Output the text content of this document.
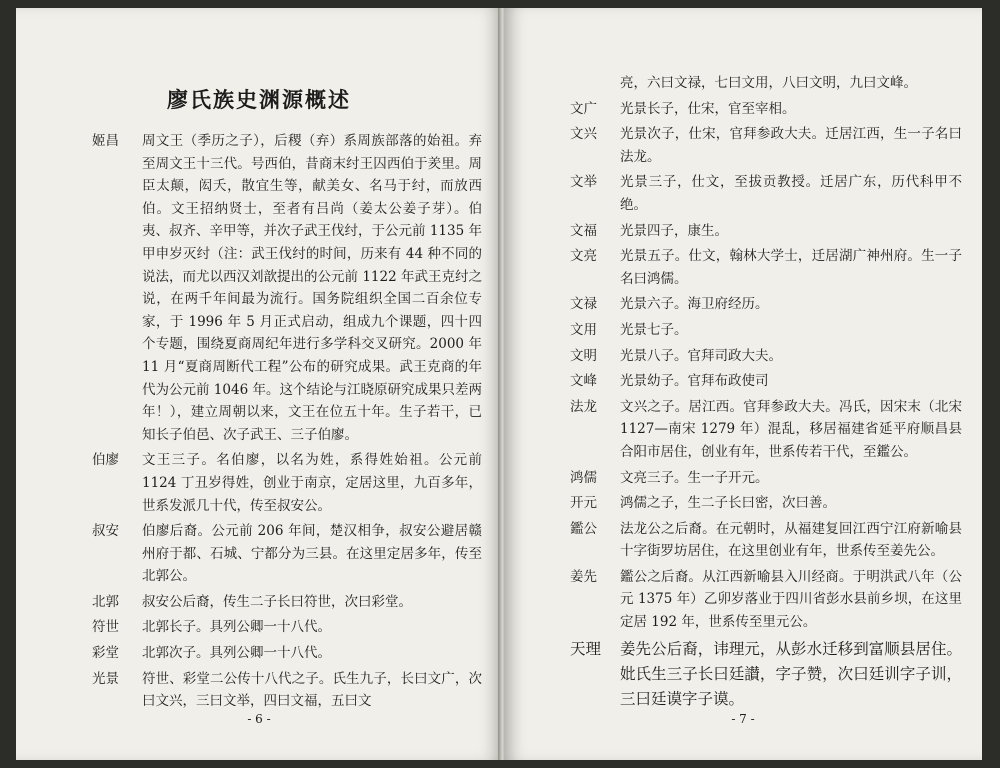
廖氏族史渊源概述
姬昌	周文王（季历之子），后稷（弃）系周族部落的始祖。弃至周文王十三代。号西伯，昔商末纣王囚西伯于羑里。周臣太颠，闳夭，散宜生等，献美女、名马于纣，而放西伯。文王招纳贤士，至者有吕尚（姜太公姜子芽）。伯夷、叔齐、辛甲等，并次子武王伐纣，于公元前 1135 年甲申岁灭纣（注：武王伐纣的时间，历来有 44 种不同的说法，而尤以西汉刘歆提出的公元前 1122 年武王克纣之说，在两千年间最为流行。国务院组织全国二百余位专家，于 1996 年 5 月正式启动，组成九个课题，四十四个专题，围绕夏商周纪年进行多学科交叉研究。2000 年 11 月“夏商周断代工程”公布的研究成果。武王克商的年代为公元前 1046 年。这个结论与江晓原研究成果只差两年！），建立周朝以来，文王在位五十年。生子若干，已知长子伯邑、次子武王、三子伯廖。
伯廖	文王三子。名伯廖，以名为姓，系得姓始祖。公元前 1124 丁丑岁得姓，创业于南京，定居这里，九百多年，世系发派几十代，传至叔安公。
叔安	伯廖后裔。公元前 206 年间，楚汉相争，叔安公避居赣州府于都、石城、宁都分为三县。在这里定居多年，传至北郭公。
北郭	叔安公后裔，传生二子长曰符世，次曰彩堂。
符世	北郭长子。具列公卿一十八代。
彩堂	北郭次子。具列公卿一十八代。
光景	符世、彩堂二公传十八代之子。氏生九子，长曰文广，次曰文兴，三曰文举，四曰文福，五曰文
- 6 -
亮，六曰文禄，七曰文用，八曰文明，九曰文峰。
文广	光景长子，仕宋，官至宰相。
文兴	光景次子，仕宋，官拜参政大夫。迁居江西，生一子名曰法龙。
文举	光景三子，仕文，至拔贡教授。迁居广东，历代科甲不绝。
文福	光景四子，康生。
文亮	光景五子。仕文，翰林大学士，迁居湖广神州府。生一子名曰鸿儒。
文禄	光景六子。海卫府经历。
文用	光景七子。
文明	光景八子。官拜司政大夫。
文峰	光景幼子。官拜布政使司
法龙	文兴之子。居江西。官拜参政大夫。冯氏，因宋末（北宋 1127—南宋 1279 年）混乱，移居福建省延平府顺昌县合阳市居住，创业有年，世系传若干代，至鑑公。
鸿儒	文亮三子。生一子开元。
开元	鸿儒之子，生二子长曰密，次曰善。
鑑公	法龙公之后裔。在元朝时，从福建复回江西宁江府新喻县十字街罗坊居住，在这里创业有年，世系传至姜先公。
姜先	鑑公之后裔。从江西新喻县入川经商。于明洪武八年（公元 1375 年）乙卯岁落业于四川省彭水县前乡坝，在这里定居 192 年，世系传至里元公。
天理	姜先公后裔，讳理元，从彭水迁移到富顺县居住。妣氏生三子长曰廷讃，字子赞，次曰廷训字子训，三曰廷谟字子谟。
- 7 -
